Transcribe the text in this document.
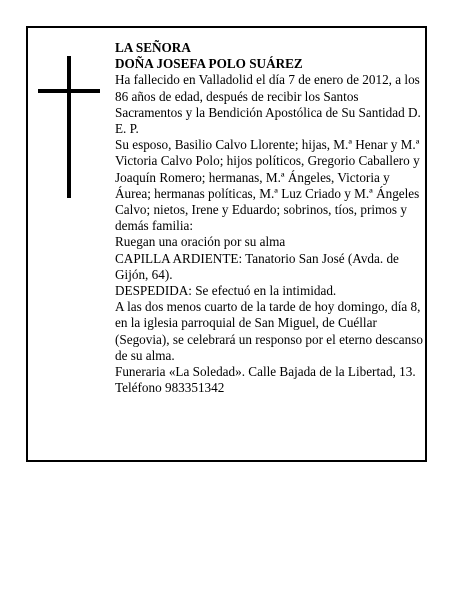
LA SEÑORA

DOÑA JOSEFA POLO SUÁREZ

Ha fallecido en Valladolid el día 7 de enero de 2012, a los 86 años de edad, después de recibir los Santos Sacramentos y la Bendición Apostólica de Su Santidad D. E. P.

Su esposo, Basilio Calvo Llorente; hijas, M.ª Henar y M.ª Victoria Calvo Polo; hijos políticos, Gregorio Caballero y Joaquín Romero; hermanas, M.ª Ángeles, Victoria y Áurea; hermanas políticas, M.ª Luz Criado y M.ª Ángeles Calvo; nietos, Irene y Eduardo; sobrinos, tíos, primos y demás familia:

Ruegan una oración por su alma

CAPILLA ARDIENTE: Tanatorio San José (Avda. de Gijón, 64).

DESPEDIDA: Se efectuó en la intimidad.

A las dos menos cuarto de la tarde de hoy domingo, día 8, en la iglesia parroquial de San Miguel, de Cuéllar (Segovia), se celebrará un responso por el eterno descanso de su alma.

Funeraria «La Soledad». Calle Bajada de la Libertad, 13. Teléfono 983351342
